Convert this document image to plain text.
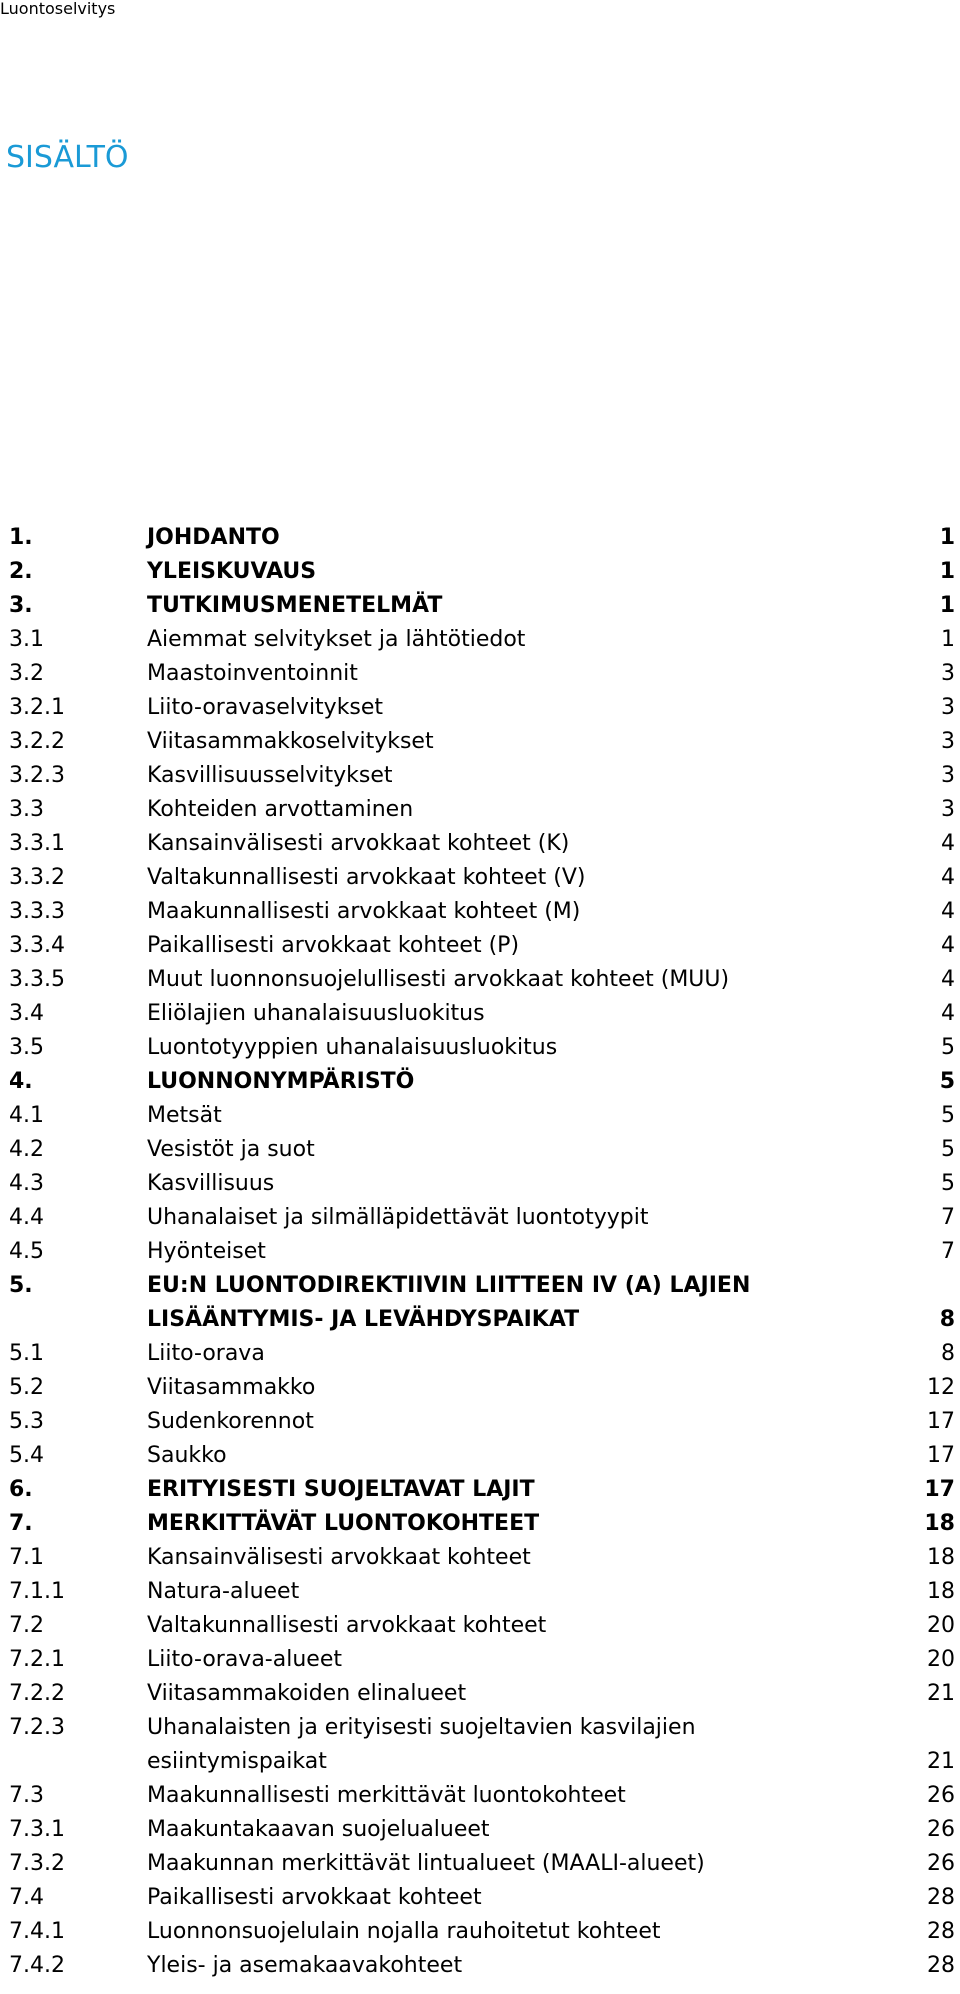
Luontoselvitys
SISÄLTÖ
1.	JOHDANTO	1
2.	YLEISKUVAUS	1
3.	TUTKIMUSMENETELMÄT	1
3.1	Aiemmat selvitykset ja lähtötiedot	1
3.2	Maastoinventoinnit	3
3.2.1	Liito-oravaselvitykset	3
3.2.2	Viitasammakkoselvitykset	3
3.2.3	Kasvillisuusselvitykset	3
3.3	Kohteiden arvottaminen	3
3.3.1	Kansainvälisesti arvokkaat kohteet (K)	4
3.3.2	Valtakunnallisesti arvokkaat kohteet (V)	4
3.3.3	Maakunnallisesti arvokkaat kohteet (M)	4
3.3.4	Paikallisesti arvokkaat kohteet (P)	4
3.3.5	Muut luonnonsuojelullisesti arvokkaat kohteet (MUU)	4
3.4	Eliölajien uhanalaisuusluokitus	4
3.5	Luontotyyppien uhanalaisuusluokitus	5
4.	LUONNONYMPÄRISTÖ	5
4.1	Metsät	5
4.2	Vesistöt ja suot	5
4.3	Kasvillisuus	5
4.4	Uhanalaiset ja silmälläpidettävät luontotyypit	7
4.5	Hyönteiset	7
5.	EU:N LUONTODIREKTIIVIN LIITTEEN IV (A) LAJIEN
LISÄÄNTYMIS- JA LEVÄHDYSPAIKAT	8
5.1	Liito-orava	8
5.2	Viitasammakko	12
5.3	Sudenkorennot	17
5.4	Saukko	17
6.	ERITYISESTI SUOJELTAVAT LAJIT	17
7.	MERKITTÄVÄT LUONTOKOHTEET	18
7.1	Kansainvälisesti arvokkaat kohteet	18
7.1.1	Natura-alueet	18
7.2	Valtakunnallisesti arvokkaat kohteet	20
7.2.1	Liito-orava-alueet	20
7.2.2	Viitasammakoiden elinalueet	21
7.2.3	Uhanalaisten ja erityisesti suojeltavien kasvilajien
esiintymispaikat	21
7.3	Maakunnallisesti merkittävät luontokohteet	26
7.3.1	Maakuntakaavan suojelualueet	26
7.3.2	Maakunnan merkittävät lintualueet (MAALI-alueet)	26
7.4	Paikallisesti arvokkaat kohteet	28
7.4.1	Luonnonsuojelulain nojalla rauhoitetut kohteet	28
7.4.2	Yleis- ja asemakaavakohteet	28
